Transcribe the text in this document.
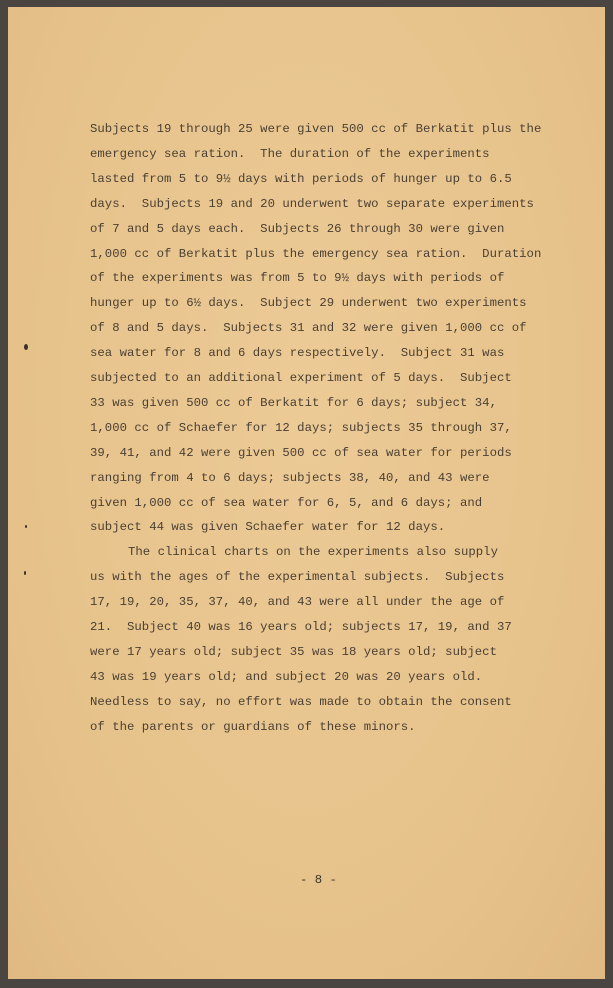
Subjects 19 through 25 were given 500 cc of Berkatit plus the
emergency sea ration.  The duration of the experiments
lasted from 5 to 9½ days with periods of hunger up to 6.5
days.  Subjects 19 and 20 underwent two separate experiments
of 7 and 5 days each.  Subjects 26 through 30 were given
1,000 cc of Berkatit plus the emergency sea ration.  Duration
of the experiments was from 5 to 9½ days with periods of
hunger up to 6½ days.  Subject 29 underwent two experiments
of 8 and 5 days.  Subjects 31 and 32 were given 1,000 cc of
sea water for 8 and 6 days respectively.  Subject 31 was
subjected to an additional experiment of 5 days.  Subject
33 was given 500 cc of Berkatit for 6 days; subject 34,
1,000 cc of Schaefer for 12 days; subjects 35 through 37,
39, 41, and 42 were given 500 cc of sea water for periods
ranging from 4 to 6 days; subjects 38, 40, and 43 were
given 1,000 cc of sea water for 6, 5, and 6 days; and
subject 44 was given Schaefer water for 12 days.
The clinical charts on the experiments also supply
us with the ages of the experimental subjects.  Subjects
17, 19, 20, 35, 37, 40, and 43 were all under the age of
21.  Subject 40 was 16 years old; subjects 17, 19, and 37
were 17 years old; subject 35 was 18 years old; subject
43 was 19 years old; and subject 20 was 20 years old.
Needless to say, no effort was made to obtain the consent
of the parents or guardians of these minors.
- 8 -
